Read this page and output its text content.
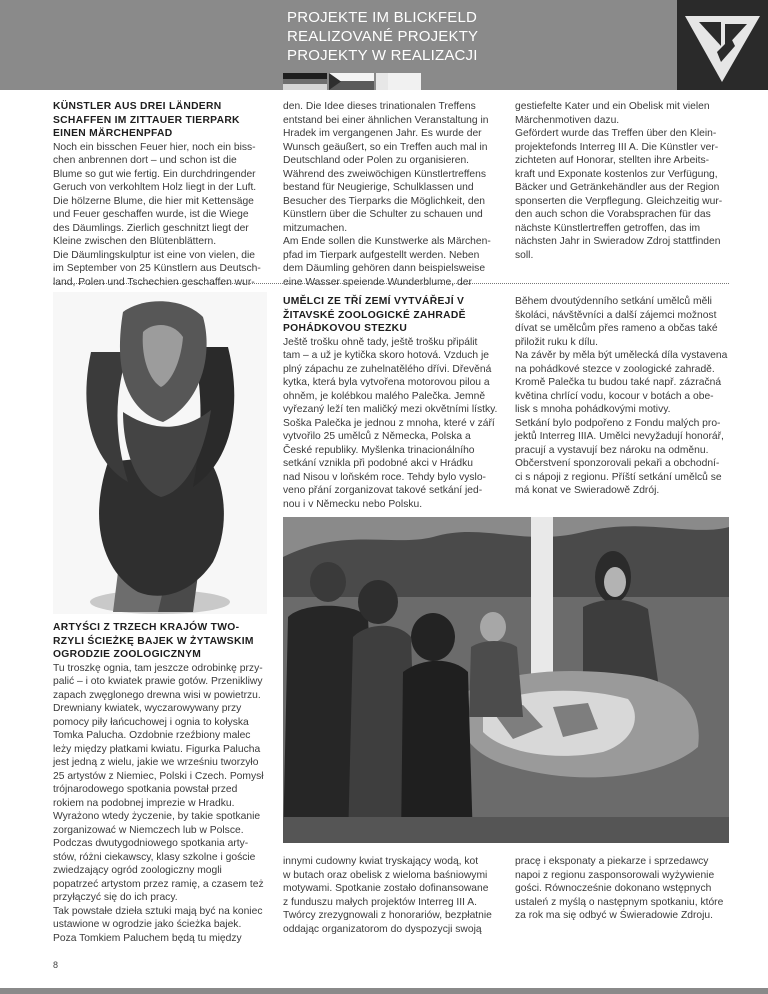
PROJEKTE IM BLICKFELD
REALIZOVANÉ PROJEKTY
PROJEKTY W REALIZACJI
KÜNSTLER AUS DREI LÄNDERN
SCHAFFEN IM ZITTAUER TIERPARK
EINEN MÄRCHENPFAD
Noch ein bisschen Feuer hier, noch ein biss-
chen anbrennen dort – und schon ist die
Blume so gut wie fertig. Ein durchdringender
Geruch von verkohltem Holz liegt in der Luft.
Die hölzerne Blume, die hier mit Kettensäge
und Feuer geschaffen wurde, ist die Wiege
des Däumlings. Zierlich geschnitzt liegt der
Kleine zwischen den Blütenblättern.
Die Däumlingskulptur ist eine von vielen, die
im September von 25 Künstlern aus Deutsch-
land, Polen und Tschechien geschaffen wur-
den. Die Idee dieses trinationalen Treffens
entstand bei einer ähnlichen Veranstaltung in
Hradek im vergangenen Jahr. Es wurde der
Wunsch geäußert, so ein Treffen auch mal in
Deutschland oder Polen zu organisieren.
Während des zweiwöchigen Künstlertreffens
bestand für Neugierige, Schulklassen und
Besucher des Tierparks die Möglichkeit, den
Künstlern über die Schulter zu schauen und
mitzumachen.
Am Ende sollen die Kunstwerke als Märchen-
pfad im Tierpark aufgestellt werden. Neben
dem Däumling gehören dann beispielsweise
eine Wasser speiende Wunderblume, der
gestiefelte Kater und ein Obelisk mit vielen
Märchenmotiven dazu.
Gefördert wurde das Treffen über den Klein-
projektefonds Interreg III A. Die Künstler ver-
zichteten auf Honorar, stellten ihre Arbeits-
kraft und Exponate kostenlos zur Verfügung,
Bäcker und Getränkehändler aus der Region
sponserten die Verpflegung. Gleichzeitig wur-
den auch schon die Vorabsprachen für das
nächste Künstlertreffen getroffen, das im
nächsten Jahr in Swieradow Zdroj stattfinden
soll.
UMĚLCI ZE TŘÍ ZEMÍ VYTVÁŘEJÍ V
ŽITAVSKÉ ZOOLOGICKÉ ZAHRADĚ
POHÁDKOVOU STEZKU
Ještě trošku ohně tady, ještě trošku připálit
tam – a už je kytička skoro hotová. Vzduch je
plný zápachu ze zuhelnatělého dřívi. Dřevěná
kytka, která byla vytvořena motorovou pilou a
ohněm, je kolébkou malého Palečka. Jemně
vyřezaný leží ten maličký mezi okvětními lístky.
Soška Palečka je jednou z mnoha, které v září
vytvořilo 25 umělců z Německa, Polska a
České republiky. Myšlenka trinacionálního
setkání vznikla při podobné akci v Hrádku
nad Nisou v loňském roce. Tehdy bylo vyslo-
veno přání zorganizovat takové setkání jed-
nou i v Německu nebo Polsku.
Během dvoutýdenního setkání umělců měli
školáci, návštěvníci a další zájemci možnost
dívat se umělcům přes rameno a občas také
přiložit ruku k dílu.
Na závěr by měla být umělecká díla vystavena
na pohádkové stezce v zoologické zahradě.
Kromě Palečka tu budou také např. zázračná
květina chrlící vodu, kocour v botách a obe-
lisk s mnoha pohádkovými motivy.
Setkání bylo podpořeno z Fondu malých pro-
jektů Interreg IIIA. Umělci nevyžadují honorář,
pracují a vystavují bez nároku na odměnu.
Občerstvení sponzorovali pekaři a obchodní-
ci s nápoji z regionu. Příští setkání umělců se
má konat ve Swieradowě Zdrój.
ARTYŚCI Z TRZECH KRAJÓW TWO-
RZYLI ŚCIEŻKĘ BAJEK W ŻYTAWSKIM
OGRODZIE ZOOLOGICZNYM
Tu troszkę ognia, tam jeszcze odrobinkę przy-
palić – i oto kwiatek prawie gotów. Przenikliwy
zapach zwęglonego drewna wisi w powietrzu.
Drewniany kwiatek, wyczarowywany przy
pomocy piły łańcuchowej i ognia to kołyska
Tomka Palucha. Ozdobnie rzeźbiony malec
leży między płatkami kwiatu. Figurka Palucha
jest jedną z wielu, jakie we wrześniu tworzyło
25 artystów z Niemiec, Polski i Czech. Pomysł
trójnarodowego spotkania powstał przed
rokiem na podobnej imprezie w Hradku.
Wyrażono wtedy życzenie, by takie spotkanie
zorganizować w Niemczech lub w Polsce.
Podczas dwutygodniowego spotkania arty-
stów, różni ciekawscy, klasy szkolne i goście
zwiedzający ogród zoologiczny mogli
popatrzeć artystom przez ramię, a czasem też
przyłączyć się do ich pracy.
Tak powstałe dzieła sztuki mają być na koniec
ustawione w ogrodzie jako ścieżka bajek.
Poza Tomkiem Paluchem będą tu między
innymi cudowny kwiat tryskający wodą, kot
w butach oraz obelisk z wieloma baśniowymi
motywami. Spotkanie zostało dofinansowane
z funduszu małych projektów Interreg III A.
Twórcy zrezygnowali z honorariów, bezpłatnie
oddając organizatorom do dyspozycji swoją
pracę i eksponaty a piekarze i sprzedawcy
napoi z regionu zasponsorowali wyżywienie
gości. Równocześnie dokonano wstępnych
ustaleń z myślą o następnym spotkaniu, które
za rok ma się odbyć w Świeradowie Zdroju.
8
